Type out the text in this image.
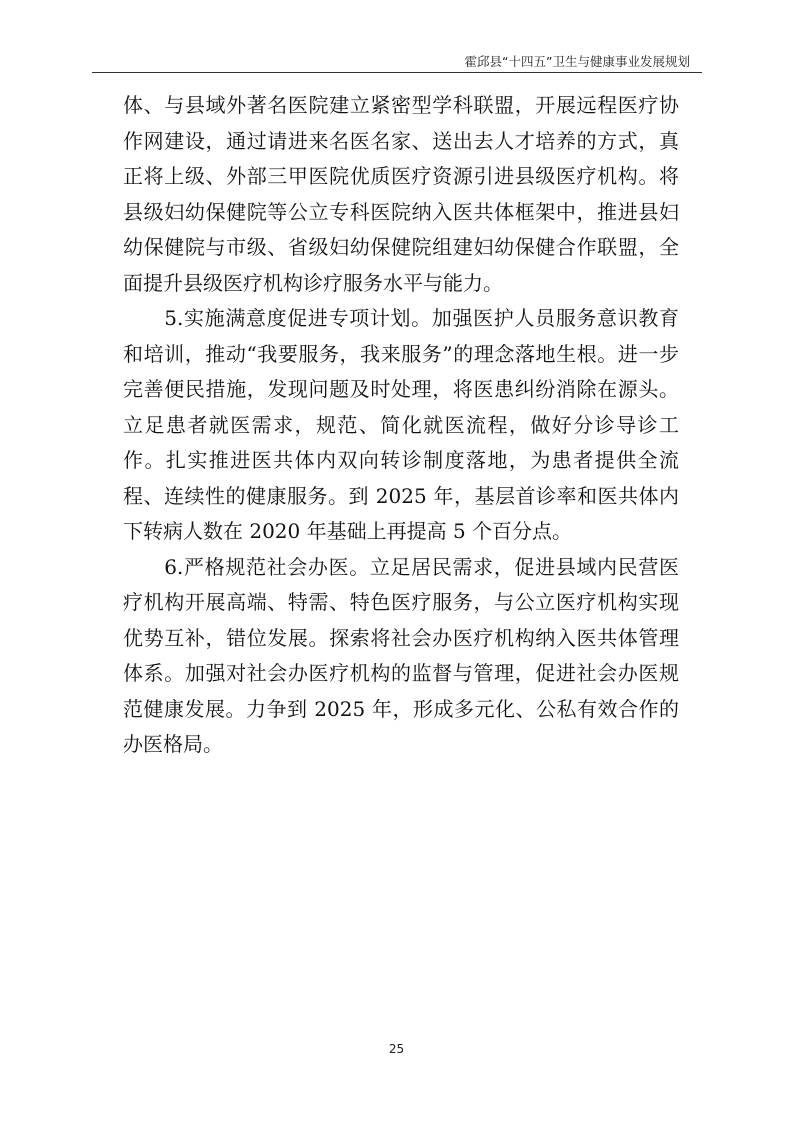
霍邱县“十四五”卫生与健康事业发展规划

体、与县域外著名医院建立紧密型学科联盟，开展远程医疗协作网建设，通过请进来名医名家、送出去人才培养的方式，真正将上级、外部三甲医院优质医疗资源引进县级医疗机构。将县级妇幼保健院等公立专科医院纳入医共体框架中，推进县妇幼保健院与市级、省级妇幼保健院组建妇幼保健合作联盟，全面提升县级医疗机构诊疗服务水平与能力。

　　5.实施满意度促进专项计划。加强医护人员服务意识教育和培训，推动“我要服务，我来服务”的理念落地生根。进一步完善便民措施，发现问题及时处理，将医患纠纷消除在源头。立足患者就医需求，规范、简化就医流程，做好分诊导诊工作。扎实推进医共体内双向转诊制度落地，为患者提供全流程、连续性的健康服务。到 2025 年，基层首诊率和医共体内下转病人数在 2020 年基础上再提高 5 个百分点。

　　6.严格规范社会办医。立足居民需求，促进县域内民营医疗机构开展高端、特需、特色医疗服务，与公立医疗机构实现优势互补，错位发展。探索将社会办医疗机构纳入医共体管理体系。加强对社会办医疗机构的监督与管理，促进社会办医规范健康发展。力争到 2025 年，形成多元化、公私有效合作的办医格局。

25
